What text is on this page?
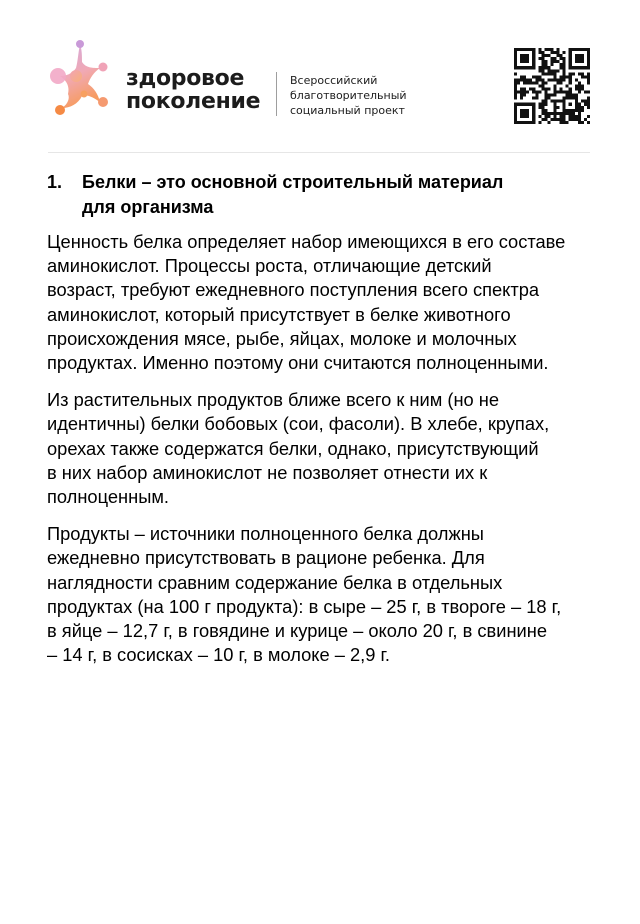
здоровое
поколение
Всероссийский
благотворительный
социальный проект
1.	Белки – это основной строительный материал
для организма

Ценность белка определяет набор имеющихся в его составе
аминокислот. Процессы роста, отличающие детский
возраст, требуют ежедневного поступления всего спектра
аминокислот, который присутствует в белке животного
происхождения мясе, рыбе, яйцах, молоке и молочных
продуктах. Именно поэтому они считаются полноценными.

Из растительных продуктов ближе всего к ним (но не
идентичны) белки бобовых (сои, фасоли). В хлебе, крупах,
орехах также содержатся белки, однако, присутствующий
в них набор аминокислот не позволяет отнести их к
полноценным.

Продукты – источники полноценного белка должны
ежедневно присутствовать в рационе ребенка. Для
наглядности сравним содержание белка в отдельных
продуктах (на 100 г продукта): в сыре – 25 г, в твороге – 18 г,
в яйце – 12,7 г, в говядине и курице – около 20 г, в свинине
– 14 г, в сосисках – 10 г, в молоке – 2,9 г.
